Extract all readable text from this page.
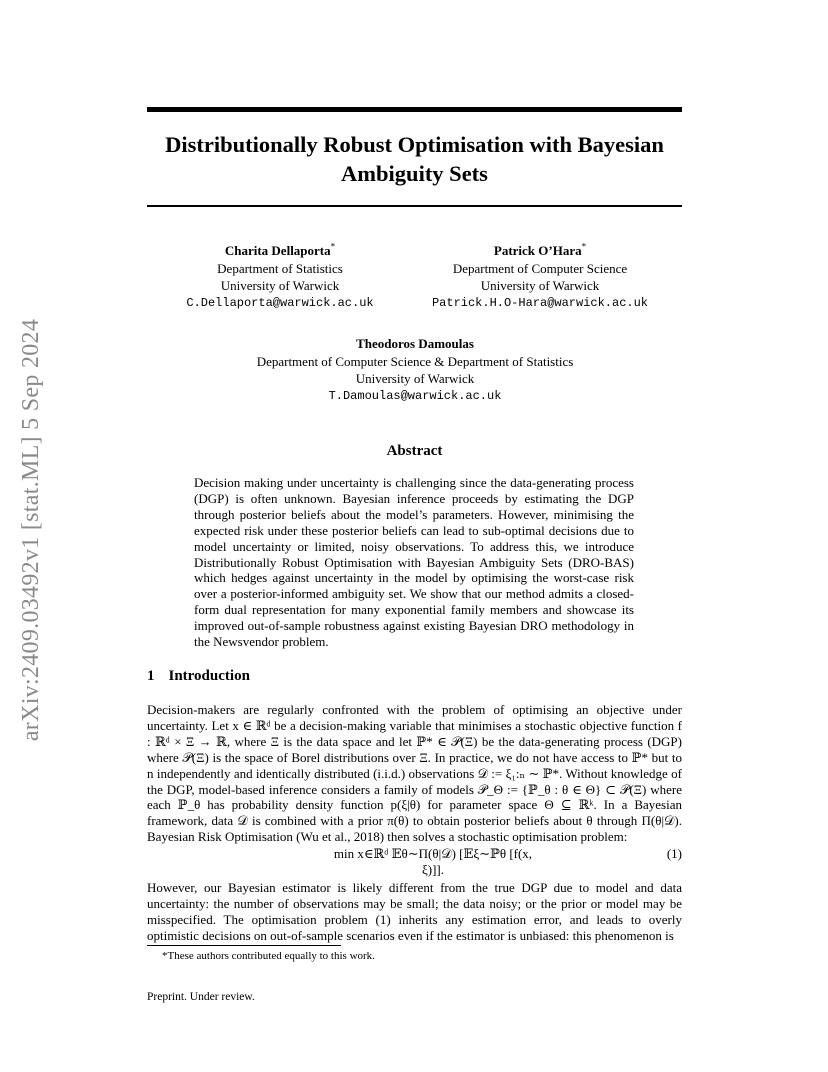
arXiv:2409.03492v1 [stat.ML] 5 Sep 2024
Distributionally Robust Optimisation with Bayesian
Ambiguity Sets
Charita Dellaporta*
Department of Statistics
University of Warwick
C.Dellaporta@warwick.ac.uk
Patrick O’Hara*
Department of Computer Science
University of Warwick
Patrick.H.O-Hara@warwick.ac.uk
Theodoros Damoulas
Department of Computer Science & Department of Statistics
University of Warwick
T.Damoulas@warwick.ac.uk
Abstract
Decision making under uncertainty is challenging since the data-generating process (DGP) is often unknown. Bayesian inference proceeds by estimating the DGP through posterior beliefs about the model’s parameters. However, minimising the expected risk under these posterior beliefs can lead to sub-optimal decisions due to model uncertainty or limited, noisy observations. To address this, we introduce Distributionally Robust Optimisation with Bayesian Ambiguity Sets (DRO-BAS) which hedges against uncertainty in the model by optimising the worst-case risk over a posterior-informed ambiguity set. We show that our method admits a closed-form dual representation for many exponential family members and showcase its improved out-of-sample robustness against existing Bayesian DRO methodology in the Newsvendor problem.
1 Introduction
Decision-makers are regularly confronted with the problem of optimising an objective under uncertainty. Let x ∈ ℝᵈ be a decision-making variable that minimises a stochastic objective function f : ℝᵈ × Ξ → ℝ, where Ξ is the data space and let ℙ* ∈ 𝒫(Ξ) be the data-generating process (DGP) where 𝒫(Ξ) is the space of Borel distributions over Ξ. In practice, we do not have access to ℙ* but to n independently and identically distributed (i.i.d.) observations 𝒟 := ξ₁:ₙ ∼ ℙ*. Without knowledge of the DGP, model-based inference considers a family of models 𝒫_Θ := {ℙ_θ : θ ∈ Θ} ⊂ 𝒫(Ξ) where each ℙ_θ has probability density function p(ξ|θ) for parameter space Θ ⊆ ℝᵏ. In a Bayesian framework, data 𝒟 is combined with a prior π(θ) to obtain posterior beliefs about θ through Π(θ|𝒟). Bayesian Risk Optimisation (Wu et al., 2018) then solves a stochastic optimisation problem:
min x∈ℝᵈ 𝔼θ∼Π(θ|𝒟) [𝔼ξ∼ℙθ [f(x, ξ)]].
(1)
However, our Bayesian estimator is likely different from the true DGP due to model and data uncertainty: the number of observations may be small; the data noisy; or the prior or model may be misspecified. The optimisation problem (1) inherits any estimation error, and leads to overly optimistic decisions on out-of-sample scenarios even if the estimator is unbiased: this phenomenon is
*These authors contributed equally to this work.
Preprint. Under review.
